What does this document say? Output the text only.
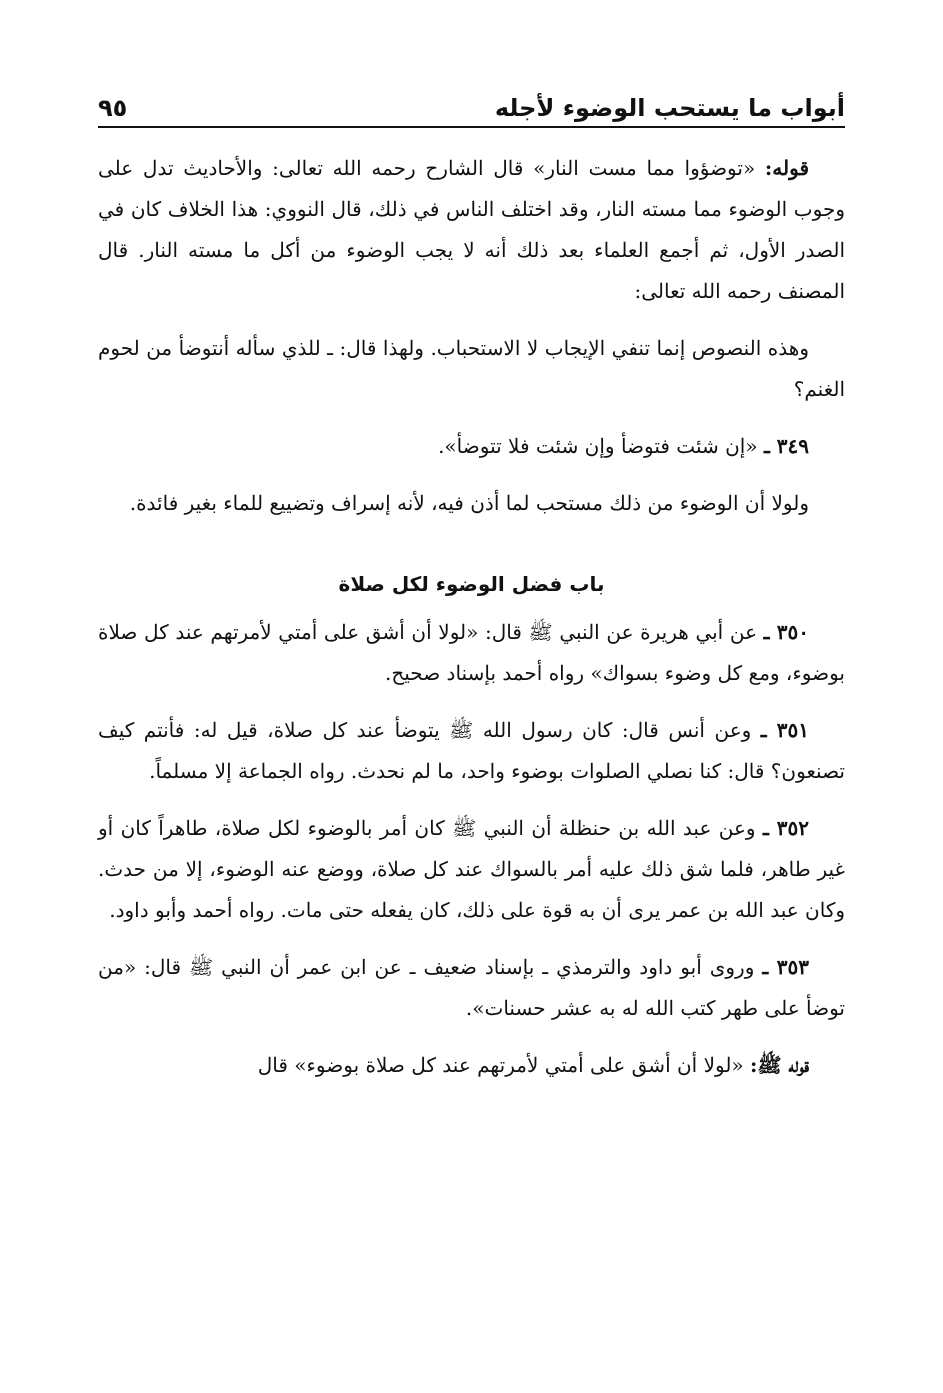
أبواب ما يستحب الوضوء لأجله
٩٥

قوله: «توضؤوا مما مست النار» قال الشارح رحمه الله تعالى: والأحاديث تدل على وجوب الوضوء مما مسته النار، وقد اختلف الناس في ذلك، قال النووي: هذا الخلاف كان في الصدر الأول، ثم أجمع العلماء بعد ذلك أنه لا يجب الوضوء من أكل ما مسته النار. قال المصنف رحمه الله تعالى:

وهذه النصوص إنما تنفي الإيجاب لا الاستحباب. ولهذا قال: ـ للذي سأله أنتوضأ من لحوم الغنم؟

٣٤٩ ـ «إن شئت فتوضأ وإن شئت فلا تتوضأ».

ولولا أن الوضوء من ذلك مستحب لما أذن فيه، لأنه إسراف وتضييع للماء بغير فائدة.

باب فضل الوضوء لكل صلاة

٣٥٠ ـ عن أبي هريرة عن النبي ﷺ قال: «لولا أن أشق على أمتي لأمرتهم عند كل صلاة بوضوء، ومع كل وضوء بسواك» رواه أحمد بإسناد صحيح.

٣٥١ ـ وعن أنس قال: كان رسول الله ﷺ يتوضأ عند كل صلاة، قيل له: فأنتم كيف تصنعون؟ قال: كنا نصلي الصلوات بوضوء واحد، ما لم نحدث. رواه الجماعة إلا مسلماً.

٣٥٢ ـ وعن عبد الله بن حنظلة أن النبي ﷺ كان أمر بالوضوء لكل صلاة، طاهراً كان أو غير طاهر، فلما شق ذلك عليه أمر بالسواك عند كل صلاة، ووضع عنه الوضوء، إلا من حدث. وكان عبد الله بن عمر يرى أن به قوة على ذلك، كان يفعله حتى مات. رواه أحمد وأبو داود.

٣٥٣ ـ وروى أبو داود والترمذي ـ بإسناد ضعيف ـ عن ابن عمر أن النبي ﷺ قال: «من توضأ على طهر كتب الله له به عشر حسنات».

قوله ﷺ: «لولا أن أشق على أمتي لأمرتهم عند كل صلاة بوضوء» قال
